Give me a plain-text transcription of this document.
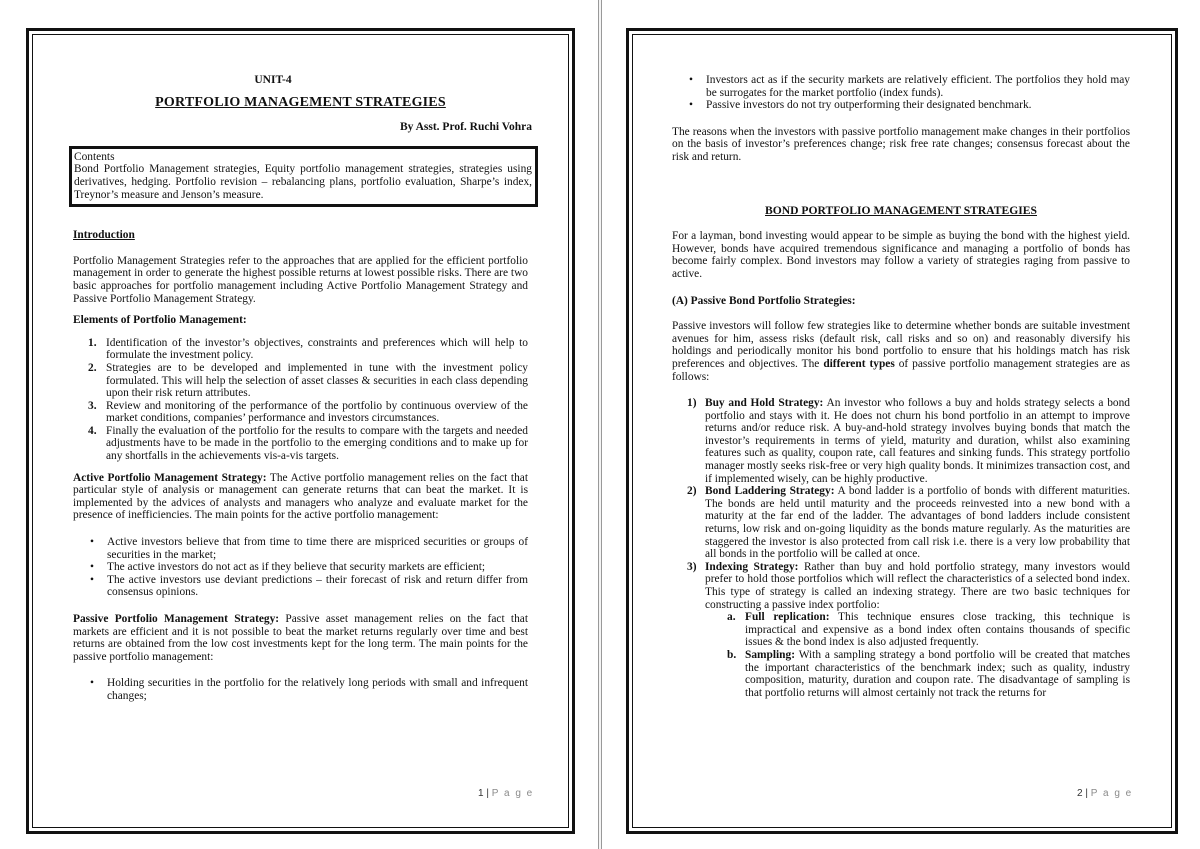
UNIT-4

PORTFOLIO MANAGEMENT STRATEGIES

By Asst. Prof. Ruchi Vohra

Contents

Bond Portfolio Management strategies, Equity portfolio management strategies, strategies using derivatives, hedging. Portfolio revision – rebalancing plans, portfolio evaluation, Sharpe’s index, Treynor’s measure and Jenson’s measure.

Introduction

Portfolio Management Strategies refer to the approaches that are applied for the efficient portfolio management in order to generate the highest possible returns at lowest possible risks. There are two basic approaches for portfolio management including Active Portfolio Management Strategy and Passive Portfolio Management Strategy.

Elements of Portfolio Management:

1. Identification of the investor’s objectives, constraints and preferences which will help to formulate the investment policy.
2. Strategies are to be developed and implemented in tune with the investment policy formulated. This will help the selection of asset classes & securities in each class depending upon their risk return attributes.
3. Review and monitoring of the performance of the portfolio by continuous overview of the market conditions, companies’ performance and investors circumstances.
4. Finally the evaluation of the portfolio for the results to compare with the targets and needed adjustments have to be made in the portfolio to the emerging conditions and to make up for any shortfalls in the achievements vis-a-vis targets.

Active Portfolio Management Strategy: The Active portfolio management relies on the fact that particular style of analysis or management can generate returns that can beat the market. It is implemented by the advices of analysts and managers who analyze and evaluate market for the presence of inefficiencies. The main points for the active portfolio management:

• Active investors believe that from time to time there are mispriced securities or groups of securities in the market;
• The active investors do not act as if they believe that security markets are efficient;
• The active investors use deviant predictions – their forecast of risk and return differ from consensus opinions.

Passive Portfolio Management Strategy: Passive asset management relies on the fact that markets are efficient and it is not possible to beat the market returns regularly over time and best returns are obtained from the low cost investments kept for the long term. The main points for the passive portfolio management:

• Holding securities in the portfolio for the relatively long periods with small and infrequent changes;
1 | P a g e
• Investors act as if the security markets are relatively efficient. The portfolios they hold may be surrogates for the market portfolio (index funds).
• Passive investors do not try outperforming their designated benchmark.

The reasons when the investors with passive portfolio management make changes in their portfolios on the basis of investor’s preferences change; risk free rate changes; consensus forecast about the risk and return.

BOND PORTFOLIO MANAGEMENT STRATEGIES

For a layman, bond investing would appear to be simple as buying the bond with the highest yield. However, bonds have acquired tremendous significance and managing a portfolio of bonds has become fairly complex. Bond investors may follow a variety of strategies raging from passive to active.

(A) Passive Bond Portfolio Strategies:

Passive investors will follow few strategies like to determine whether bonds are suitable investment avenues for him, assess risks (default risk, call risks and so on) and reasonably diversify his holdings and periodically monitor his bond portfolio to ensure that his holdings match has risk preferences and objectives. The different types of passive portfolio management strategies are as follows:

1) Buy and Hold Strategy: An investor who follows a buy and holds strategy selects a bond portfolio and stays with it. He does not churn his bond portfolio in an attempt to improve returns and/or reduce risk. A buy-and-hold strategy involves buying bonds that match the investor’s requirements in terms of yield, maturity and duration, whilst also examining features such as quality, coupon rate, call features and sinking funds. This strategy portfolio manager mostly seeks risk-free or very high quality bonds. It minimizes transaction cost, and if implemented wisely, can be highly productive.
2) Bond Laddering Strategy: A bond ladder is a portfolio of bonds with different maturities. The bonds are held until maturity and the proceeds reinvested into a new bond with a maturity at the far end of the ladder. The advantages of bond ladders include consistent returns, low risk and on-going liquidity as the bonds mature regularly. As the maturities are staggered the investor is also protected from call risk i.e. there is a very low probability that all bonds in the portfolio will be called at once.
3) Indexing Strategy: Rather than buy and hold portfolio strategy, many investors would prefer to hold those portfolios which will reflect the characteristics of a selected bond index. This type of strategy is called an indexing strategy. There are two basic techniques for constructing a passive index portfolio:
a. Full replication: This technique ensures close tracking, this technique is impractical and expensive as a bond index often contains thousands of specific issues & the bond index is also adjusted frequently.
b. Sampling: With a sampling strategy a bond portfolio will be created that matches the important characteristics of the benchmark index; such as quality, industry composition, maturity, duration and coupon rate. The disadvantage of sampling is that portfolio returns will almost certainly not track the returns for
2 | P a g e
